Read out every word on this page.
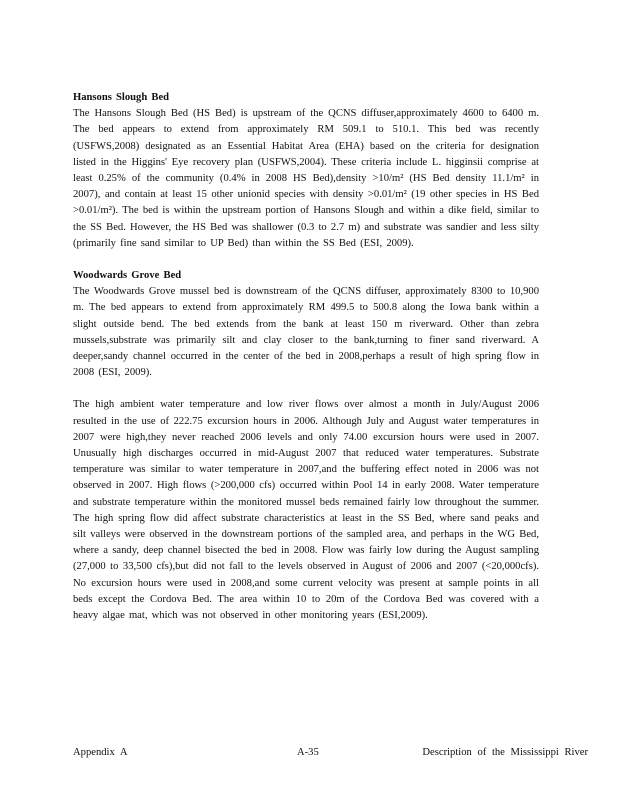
Hansons Slough Bed

The Hansons Slough Bed (HS Bed) is upstream of the QCNS diffuser,approximately 4600 to 6400 m. The bed appears to extend from approximately RM 509.1 to 510.1. This bed was recently (USFWS,2008) designated as an Essential Habitat Area (EHA) based on the criteria for designation listed in the Higgins' Eye recovery plan (USFWS,2004). These criteria include L. higginsii comprise at least 0.25% of the community (0.4% in 2008 HS Bed),density >10/m² (HS Bed density 11.1/m² in 2007), and contain at least 15 other unionid species with density >0.01/m² (19 other species in HS Bed >0.01/m²). The bed is within the upstream portion of Hansons Slough and within a dike field, similar to the SS Bed. However, the HS Bed was shallower (0.3 to 2.7 m) and substrate was sandier and less silty (primarily fine sand similar to UP Bed) than within the SS Bed (ESI, 2009).

Woodwards Grove Bed

The Woodwards Grove mussel bed is downstream of the QCNS diffuser, approximately 8300 to 10,900 m. The bed appears to extend from approximately RM 499.5 to 500.8 along the Iowa bank within a slight outside bend. The bed extends from the bank at least 150 m riverward. Other than zebra mussels,substrate was primarily silt and clay closer to the bank,turning to finer sand riverward. A deeper,sandy channel occurred in the center of the bed in 2008,perhaps a result of high spring flow in 2008 (ESI, 2009).

The high ambient water temperature and low river flows over almost a month in July/August 2006 resulted in the use of 222.75 excursion hours in 2006. Although July and August water temperatures in 2007 were high,they never reached 2006 levels and only 74.00 excursion hours were used in 2007. Unusually high discharges occurred in mid-August 2007 that reduced water temperatures. Substrate temperature was similar to water temperature in 2007,and the buffering effect noted in 2006 was not observed in 2007. High flows (>200,000 cfs) occurred within Pool 14 in early 2008. Water temperature and substrate temperature within the monitored mussel beds remained fairly low throughout the summer. The high spring flow did affect substrate characteristics at least in the SS Bed, where sand peaks and silt valleys were observed in the downstream portions of the sampled area, and perhaps in the WG Bed, where a sandy, deep channel bisected the bed in 2008. Flow was fairly low during the August sampling (27,000 to 33,500 cfs),but did not fall to the levels observed in August of 2006 and 2007 (<20,000cfs). No excursion hours were used in 2008,and some current velocity was present at sample points in all beds except the Cordova Bed. The area within 10 to 20m of the Cordova Bed was covered with a heavy algae mat, which was not observed in other monitoring years (ESI,2009).

Appendix A	A-35	Description of the Mississippi River
